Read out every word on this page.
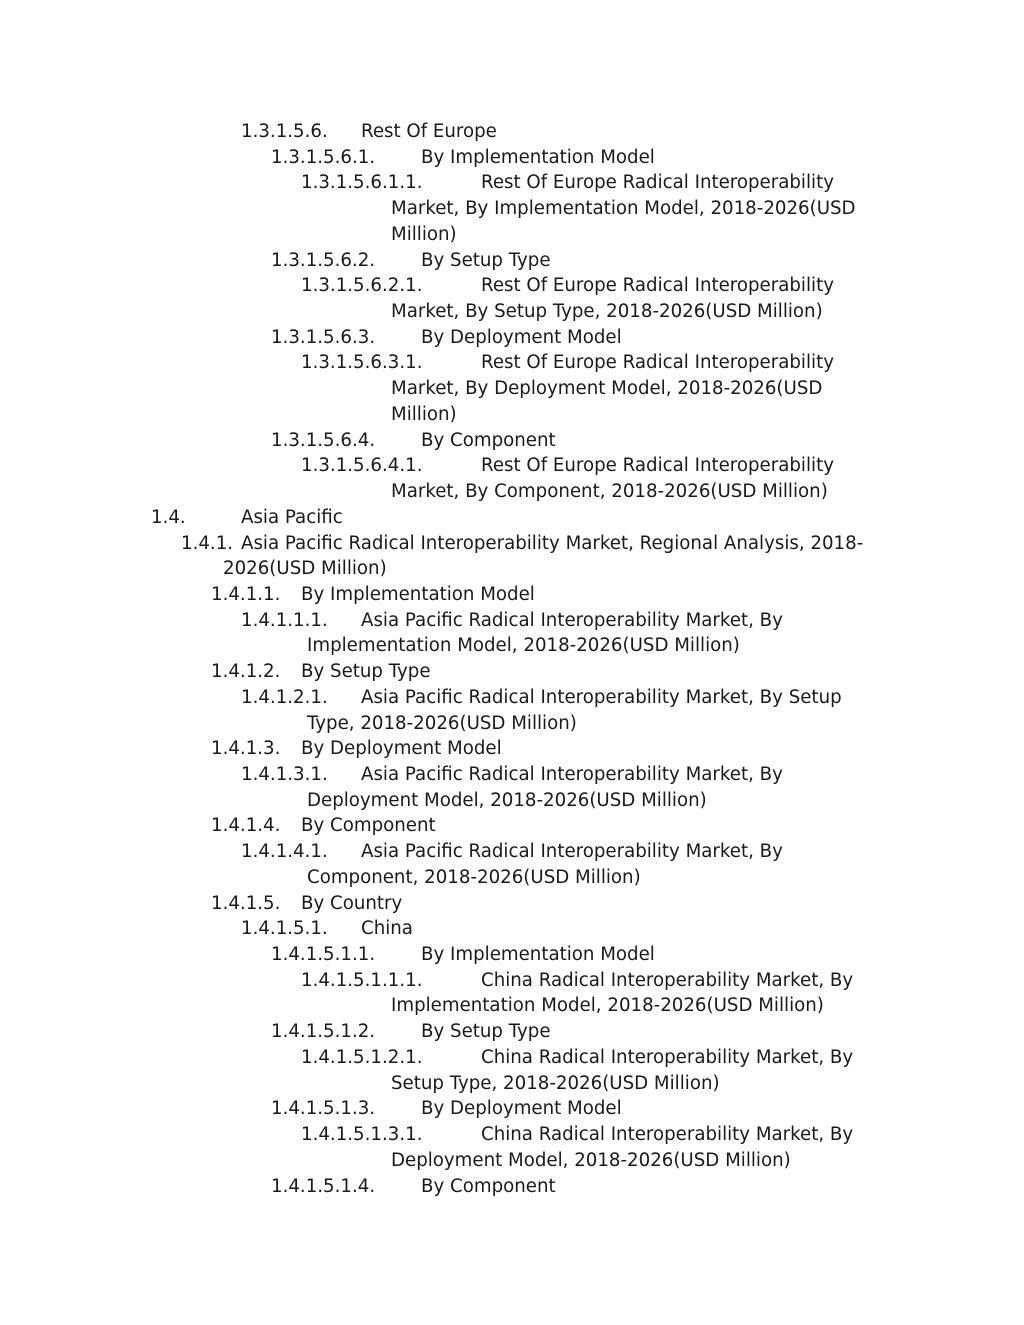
1.3.1.5.6. Rest Of Europe
1.3.1.5.6.1.	By Implementation Model
1.3.1.5.6.1.1.	Rest Of Europe Radical Interoperability
Market, By Implementation Model, 2018-2026(USD
Million)
1.3.1.5.6.2.	By Setup Type
1.3.1.5.6.2.1.	Rest Of Europe Radical Interoperability
Market, By Setup Type, 2018-2026(USD Million)
1.3.1.5.6.3.	By Deployment Model
1.3.1.5.6.3.1.	Rest Of Europe Radical Interoperability
Market, By Deployment Model, 2018-2026(USD
Million)
1.3.1.5.6.4.	By Component
1.3.1.5.6.4.1.	Rest Of Europe Radical Interoperability
Market, By Component, 2018-2026(USD Million)
1.4.	Asia Pacific
1.4.1. Asia Pacific Radical Interoperability Market, Regional Analysis, 2018-
2026(USD Million)
1.4.1.1. By Implementation Model
1.4.1.1.1. Asia Pacific Radical Interoperability Market, By
Implementation Model, 2018-2026(USD Million)
1.4.1.2. By Setup Type
1.4.1.2.1. Asia Pacific Radical Interoperability Market, By Setup
Type, 2018-2026(USD Million)
1.4.1.3. By Deployment Model
1.4.1.3.1. Asia Pacific Radical Interoperability Market, By
Deployment Model, 2018-2026(USD Million)
1.4.1.4. By Component
1.4.1.4.1. Asia Pacific Radical Interoperability Market, By
Component, 2018-2026(USD Million)
1.4.1.5. By Country
1.4.1.5.1. China
1.4.1.5.1.1.	By Implementation Model
1.4.1.5.1.1.1.	China Radical Interoperability Market, By
Implementation Model, 2018-2026(USD Million)
1.4.1.5.1.2.	By Setup Type
1.4.1.5.1.2.1.	China Radical Interoperability Market, By
Setup Type, 2018-2026(USD Million)
1.4.1.5.1.3.	By Deployment Model
1.4.1.5.1.3.1.	China Radical Interoperability Market, By
Deployment Model, 2018-2026(USD Million)
1.4.1.5.1.4.	By Component
